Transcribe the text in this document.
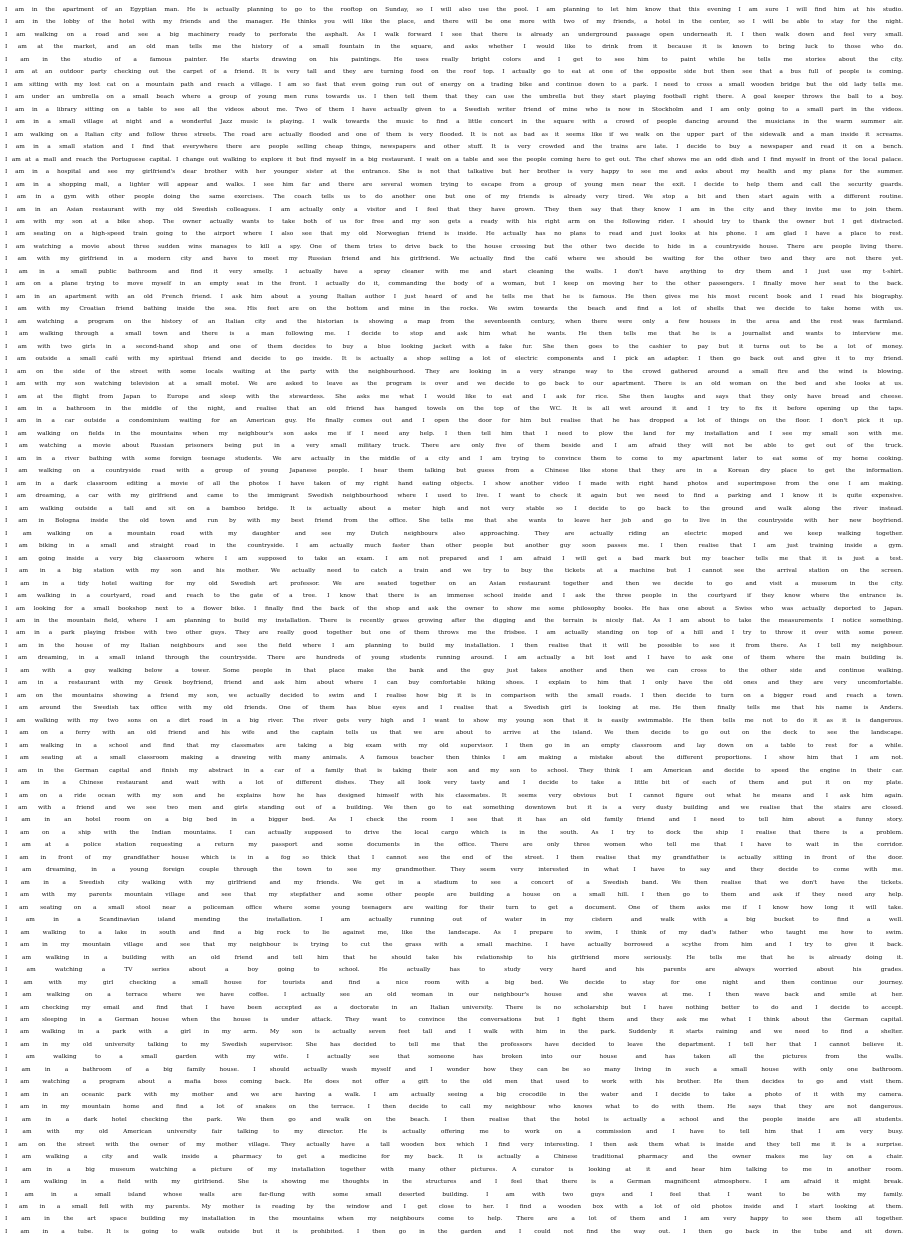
I am in the apartment of an Egyptian man. He is actually planning to go to the rooftop on Sunday, so I will also use the pool. I am planning to let him know that this evening I am sure I will find him at his studio.
I am in the lobby of the hotel with my friends and the manager. He thinks you will like the place, and there will be one more with two of my friends, a hotel in the center, so I will be able to stay for the night.
I am walking on a road and see a big machinery ready to perforate the asphalt. As I walk forward I see that there is already an underground passage open underneath it. I then walk down and feel very small.
I am at the market, and an old man tells me the history of a small fountain in the square, and asks whether I would like to drink from it because it is known to bring luck to those who do.
I am in the studio of a famous painter. He starts drawing on his paintings. He uses really bright colors and I get to see him to paint while he tells me stories about the city.
I am at an outdoor party checking out the carpet of a friend. It is very tall and they are turning food on the roof top. I actually go to eat at one of the opposite side but then see that a bus full of people is coming.
I am sitting with my lost cat on a mountain path and reach a village. I am so fast that even going run out of energy on a trading bike and continue down to a park. I need to cross a small wooden bridge but the old lady tells me.
I am under an umbrella on a small beach where a group of young men runs towards us. I then tell them that they can use the umbrella but they start playing football right there. A goal keeper throws the ball to a boy.
I am in a library sitting on a table to see all the videos about me. Two of them I have actually given to a Swedish writer friend of mine who is now in Stockholm and I am only going to a small part in the videos.
I am in a small village at night and a wonderful Jazz music is playing. I walk towards the music to find a little concert in the square with a crowd of people dancing around the musicians in the warm summer air.
I am walking on a Italian city and follow three streets. The road are actually flooded and one of them is very flooded. It is not as bad as it seems like if we walk on the upper part of the sidewalk and a man inside it screams.
I am in a small station and I find that everywhere there are people selling cheap things, newspapers and other stuff. It is very crowded and the trains are late. I decide to buy a newspaper and read it on a bench.
I am at a mall and reach the Portuguese capital. I change out walking to explore it but find myself in a big restaurant. I wait on a table and see the people coming here to get out. The chef shows me an odd dish and I find myself in front of the local palace.
I am in a hospital and see my girlfriend's dear brother with her younger sister at the entrance. She is not that talkative but her brother is very happy to see me and asks about my health and my plans for the summer.
I am in a shopping mall, a lighter will appear and walks. I see him far and there are several women trying to escape from a group of young men near the exit. I decide to help them and call the security guards.
I am in a gym with other people doing the same exercises. The coach tells us to do another one but one of my friends is already very tired. We stop a bit and then start again with a different routine.
I am in an Asian restaurant with my old Swedish colleagues. I am actually only a visitor and I feel that they have grown. They then say that they know I am in the city and they invite me to join them.
I am with my son at a bike shop. The owner actually wants to take both of us for free and my son gets a ready with his right arm on the following rider. I should try to thank the owner but I get distracted.
I am seating on a high-speed train going to the airport where I also see that my old Norwegian friend is inside. He actually has no plans to read and just looks at his phone. I am glad I have a place to rest.
I am watching a movie about three sudden wins manages to kill a spy. One of them tries to drive back to the house crossing but the other two decide to hide in a countryside house. There are people living there.
I am with my girlfriend in a modern city and have to meet my Russian friend and his girlfriend. We actually find the café where we should be waiting for the other two and they are not there yet.
I am in a small public bathroom and find it very smelly. I actually have a spray cleaner with me and start cleaning the walls. I don't have anything to dry them and I just use my t-shirt.
I am on a plane trying to move myself in an empty seat in the front. I actually do it, commanding the body of a woman, but I keep on moving her to the other passengers. I finally move her seat to the back.
I am in an apartment with an old French friend. I ask him about a young Italian author I just heard of and he tells me that he is famous. He then gives me his most recent book and I read his biography.
I am with my Croatian friend bathing inside the sea. His feet are on the bottom and mine in the rocks. We swim towards the beach and find a lot of shells that we decide to take home with us.
I am watching a program on the history of an Italian city and the historian is showing a map from the seventeenth century, when there were only a few houses in the area and the rest was farmland.
I am walking through a small town and there is a man following me. I decide to stop and ask him what he wants. He then tells me that he is a journalist and wants to interview me.
I am with two girls in a second-hand shop and one of them decides to buy a blue looking jacket with a fake fur. She then goes to the cashier to pay but it turns out to be a lot of money.
I am outside a small café with my spiritual friend and decide to go inside. It is actually a shop selling a lot of electric components and I pick an adapter. I then go back out and give it to my friend.
I am on the side of the street with some locals waiting at the party with the neighbourhood. They are looking in a very strange way to the crowd gathered around a small fire and the wind is blowing.
I am with my son watching television at a small motel. We are asked to leave as the program is over and we decide to go back to our apartment. There is an old woman on the bed and she looks at us.
I am at the flight from Japan to Europe and sleep with the stewardess. She asks me what I would like to eat and I ask for rice. She then laughs and says that they only have bread and cheese.
I am in a bathroom in the middle of the night, and realise that an old friend has hanged towels on the top of the WC. It is all wet around it and I try to fix it before opening up the taps.
I am in a car outside a condominium waiting for an American guy. He finally comes out and I open the door for him but realise that he has dropped a lot of things on the floor. I don't pick it up.
I am walking on fields in the mountains when my neighbour's son asks me if I need any help. I then tell him that I need to plow the land for my installation and I see my small son with me.
I am watching a movie about Russian prisoners being put in a very small military truck. There are only five of them beside and I am afraid they will not be able to get out of the truck.
I am in a river bathing with some foreign teenage students. We are actually in the middle of a city and I am trying to convince them to come to my apartment later to eat some of my home cooking.
I am walking on a countryside road with a group of young Japanese people. I hear them talking but guess from a Chinese like stone that they are in a Korean dry place to get the information.
I am in a dark classroom editing a movie of all the photos I have taken of my right hand eating objects. I show another video I made with right hand photos and superimpose from the one I am making.
I am dreaming, a car with my girlfriend and came to the immigrant Swedish neighbourhood where I used to live. I want to check it again but we need to find a parking and I know it is quite expensive.
I am walking outside a tall and sit on a bamboo bridge. It is actually about a meter high and not very stable so I decide to go back to the ground and walk along the river instead.
I am in Bologna inside the old town and run by with my best friend from the office. She tells me that she wants to leave her job and go to live in the countryside with her new boyfriend.
I am walking on a mountain road with my daughter and see my Dutch neighbours also approaching. They are actually riding an electric moped and we keep walking together.
I am biking in a small and straight road in the countryside. I am actually much faster than other people but another guy soon passes me. I then realise that I am just training inside a gym.
I am going inside a very big classroom where I am supposed to take an exam. I am not prepared and I am afraid I will get a bad mark but my teacher tells me that it is just a test.
I am in a big station with my son and his mother. We actually need to catch a train and we try to buy the tickets at a machine but I cannot see the arrival station on the screen.
I am in a tidy hotel waiting for my old Swedish art professor. We are seated together on an Asian restaurant together and then we decide to go and visit a museum in the city.
I am walking in a courtyard, road and reach to the gate of a tree. I know that there is an immense school inside and I ask the three people in the courtyard if they know where the entrance is.
I am looking for a small bookshop next to a flower bike. I finally find the back of the shop and ask the owner to show me some philosophy books. He has one about a Swiss who was actually deported to Japan.
I am in the mountain field, where I am planning to build my installation. There is recently grass growing after the digging and the terrain is nicely flat. As I am about to take the measurements I notice something.
I am in a park playing frisbee with two other guys. They are really good together but one of them throws me the frisbee. I am actually standing on top of a hill and I try to throw it over with some power.
I am in the house of my Italian neighbours and see the field where I am planning to build my installation. I then realise that it will be possible to see it from there. As I tell my neighbour.
I am dreaming, in a small inland through the countryside. There are hundreds of young students running around. I am actually a bit lost and I have to ask one of them where the main building is.
I am with a guy walking below a tower. Some people in that place make the bank and the guy just takes another and then we can cross to the other side and continue walking.
I am in a restaurant with my Greek boyfriend, friend and ask him about where I can buy comfortable hiking shoes. I explain to him that I only have the old ones and they are very uncomfortable.
I am on the mountains showing a friend my son, we actually decided to swim and I realise how big it is in comparison with the small roads. I then decide to turn on a bigger road and reach a town.
I am around the Swedish tax office with my old friends. One of them has blue eyes and I realise that a Swedish girl is looking at me. He then finally tells me that his name is Anders.
I am walking with my two sons on a dirt road in a big river. The river gets very high and I want to show my young son that it is easily swimmable. He then tells me not to do it as it is dangerous.
I am on a ferry with an old friend and his wife and the captain tells us that we are about to arrive at the island. We then decide to go out on the deck to see the landscape.
I am walking in a school and find that my classmates are taking a big exam with my old supervisor. I then go in an empty classroom and lay down on a table to rest for a while.
I am seating at a small classroom making a drawing with many animals. A famous teacher then thinks I am making a mistake about the different proportions. I show him that I am not.
I am in the German capital and finish my abstract in a car of a family that is taking their son and my son to school. They think I am American and decide to speed the engine in their car.
I am in a Chinese restaurant and wait with a lot of different dishes. They all look very tasty and I decide to take a little bit of each of them and put it on my plate.
I am on a ride ocean with my son and he explains how he has designed himself with his classmates. It seems very obvious but I cannot figure out what he means and I ask him again.
I am with a friend and we see two men and girls standing out of a building. We then go to eat something downtown but it is a very dusty building and we realise that the stairs are closed.
I am in an hotel room on a big bed in a bigger bed. As I check the room I see that it has an old family friend and I need to tell him about a funny story.
I am on a ship with the Indian mountains. I can actually supposed to drive the local cargo which is in the south. As I try to dock the ship I realise that there is a problem.
I am at a police station requesting a return my passport and some documents in the office. There are only three women who tell me that I have to wait in the corridor.
I am in front of my grandfather house which is in a fog so thick that I cannot see the end of the street. I then realise that my grandfather is actually sitting in front of the door.
I am dreaming, in a young foreign couple through the town to see my grandmother. They seem very interested in what I have to say and they decide to come with me.
I am in a Swedish city walking with my girlfriend and my friends. We get in a stadium to see a concert of a Swedish band. We then realise that we don't have the tickets.
I am with my parents mountain village and see that my stepfather and some other people are building a house on a small hill. I then go to them and ask if they need any help.
I am seating on a small stool near a policeman office where some young teenagers are waiting for their turn to get a document. One of them asks me if I know how long it will take.
I am in a Scandinavian island mending the installation. I am actually running out of water in my cistern and walk with a big bucket to find a well.
I am walking to a lake in south and find a big rock to lie against me, like the landscape. As I prepare to swim, I think of my dad's father who taught me how to swim.
I am in my mountain village and see that my neighbour is trying to cut the grass with a small machine. I have actually borrowed a scythe from him and I try to give it back.
I am walking in a building with an old friend and tell him that he should take his relationship to his girlfriend more seriously. He tells me that he is already doing it.
I am watching a TV series about a boy going to school. He actually has to study very hard and his parents are always worried about his grades.
I am with my girl checking a small house for tourists and find a nice room with a big bed. We decide to stay for one night and then continue our journey.
I am walking on a terrace where we have coffee. I actually see an old woman in our neighbour's house and she waves at me. I then wave back and smile at her.
I am checking my email and find that I have been accepted as a doctorate in an Italian university. There is no scholarship but I have nothing better to do and I decide to accept.
I am sleeping in a German house when the house is under attack. They want to convince the conversations but I fight them and they ask me what I think about the German capital.
I am walking in a park with a girl in my arm. My son is actually seven feet tall and I walk with him in the park. Suddenly it starts raining and we need to find a shelter.
I am in my old university talking to my Swedish supervisor. She has decided to tell me that the professors have decided to leave the department. I tell her that I cannot believe it.
I am walking to a small garden with my wife. I actually see that someone has broken into our house and has taken all the pictures from the walls.
I am in a bathroom of a big family house. I should actually wash myself and I wonder how they can be so many living in such a small house with only one bathroom.
I am watching a program about a mafia boss coming back. He does not offer a gift to the old men that used to work with his brother. He then decides to go and visit them.
I am in an oceanic park with my mother and we are having a walk. I am actually seeing a big crocodile in the water and I decide to take a photo of it with my camera.
I am in my mountain home and find a lot of snakes on the terrace. I then decide to call my neighbour who knows what to do with them. He says that they are not dangerous.
I am in a dark hotel checking the park. We then go and walk on the beach. I then realise that the hotel is actually a school and the people inside are all students.
I am with my old American university fair talking to my director. He is actually offering me to work on a commission and I have to tell him that I am very busy.
I am on the street with the owner of my mother village. They actually have a tall wooden box which I find very interesting. I then ask them what is inside and they tell me it is a surprise.
I am walking a city and walk inside a pharmacy to get a medicine for my back. It is actually a Chinese traditional pharmacy and the owner makes me lay on a chair.
I am in a big museum watching a picture of my installation together with many other pictures. A curator is looking at it and hear him talking to me in another room.
I am walking in a field with my girlfriend. She is showing me thoughts in the structures and I feel that there is a German magnificent atmosphere. I am afraid it might break.
I am in a small island whose walls are far-flung with some small deserted building. I am with two guys and I feel that I want to be with my family.
I am in a small fell with my parents. My mother is reading by the window and I get close to her. I find a wooden box with a lot of old photos inside and I start looking at them.
I am in the art space building my installation in the mountains when my neighbours come to help. There are a lot of them and I am very happy to see them all together.
I am in a tube. It is going to walk outside but it is prohibited. I then go in the garden and I could not find the way out. I then go back in the tube and sit down.
